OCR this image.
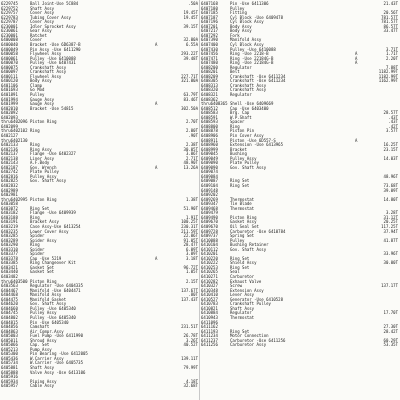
6229745	Ball Joint-Use 5C884	.50A
6229752	Shaft Assy
6229757	Cover Assy	19.45T
6229783	Tubing Cover Assy	19.45T
6229787	Cover Assy
6230001	Idler Sprocket Assy	39.15T
6230061	Gear Assy
6230001	Ratchet
6400008	Cover	32.00A
6400040	Bracket -Use 6D6387-B	A	6.55A
6400049	Pin Assy -Use 6411290
6400058	Flywheel Assy	293.22T
6400061	Pulley -Use 6410088	39.48T
6400070	Pulley -Use 6407431
6400075	Crankshaft Assy
6400097	Crankshaft Assy
6400111	Flywheel Assy	227.71T
6400120	Body Assy	321.00A
6401106	Clamp
6401693	Go Mod
6401891	Pulley	63.79T
6401994	Gauge Assy	83.46T
6401999	Gauge Assy	A
6402010	Bracket -Use 54815	302.50A
6402092
6402093
thru6402096 Piston Ring	2.70T
6402099
thru6402102 Ring	2.00T
6402127	.90T
thru6402130
6402133	Ring	2.38T
6402136	Ring Assy	30.05T
6402137	Flange -Use 6402327	3.06T
6402138	Liner Assy	2.71T
6402143	A.F.Body	48.90T
6402187	Gov. Wrench	A	13.26A
6402742	Plate Pulley
6402816	Pulley Assy
6402825	Gov. Shaft Assy
6402832
6402989
6402981
thru6402995 Piston Ring	1.38T
6403058
6403072	Ring Set	51.90T
6403182	Flange -Use 6409939
6403188	Ring	1.91T
6403191	Bracket Assy	100.25T
6403219	Case Assy-Use 6413254	230.31T
6403235	Lower Cover Assy	211.59T
6403285	Spider	22.06T
6403289	Spider Assy	91.05T
6403290	Ring	28.47T
6403310	Spider	6.09T
6403377	Spider	3.09T
6403378	Cap -Use 5219	A	3.18T
6403385	Ring Changeover Kit
6403421	Gasket Set	96.72T
6403440	Gasket Set	1.05T
6403482
thru6403500 Piston Ring	2.15T
6403563	Regulator -Use 6404335
6404467	Manifold -Use 6404471	137.67T
6404468	Manifold Assy	.80T
6404475	Manifold Gasket	137.43T
6404620	Gov. Shaft Assy
6404660	Pulley -Use 6405340
6404745	Pulley Assy
6404802	Pulley -Use 6405340
6404815	Pin -Use 6405340
6404856	Camshaft	231.51T
6404863	Air Compr.Assy
6405003	Fuel Pump -Use 6411990	26.78T
6405011	Shroud Assy	3.26T
6405066	Cap. Set	40.52T
6405213	Pump Assy
6405300	Pin Bearing -Use 6412005
6405436	W.Carrier Assy	139.11T
6405734	W.Carrier -Use 6405735
6405881	Shaft Assy	79.99T
6405888	Valve Assy -Use 6413106
6405916
6405934	Piping Assy	4.18T
6405957	Cable Assy	32.68T
6407168	Pin -Use 6411306	21.43T
6407180	Pulley
6407185	Fitting	20.56T
6407187	Cyl Block -Use 6409478	781.57T
6407196	Cyl Block Assy	781.57T
6407201	Body Assy	86.57T
6407217	Body Assy	33.47T
6407292	Fork
6407390	Manifold Assy
6407400	Cyl Block Assy
6407430	Pulley -Use 6410088	3.71T
6407456	Ring -Use 2218-B	A	1.71T
6407471	Ring -Use 22184G-B	A	2.20T
6407480	Ring -Use 22184G-B	A
6408200	Regulator	7.88T
6408201	Belt	1182.99T
6408209	Crankshaft -Use 6411234	1182.99T
6408305	Crankshaft -Use 6411234	1162.99T
6408313	Crankshaft Assy
6408320	Crankshaft Assy
6408321	Regulator
6408362
thru6408365 Shell -Use 6409669
6408512	Cap -Use 6403400
6408583	Brg. Cap	28.57T
6408591	W.P.Shaft	.43T
6408593	Spacer	.43T
6408800	Ring	.42T
6408878	Piston Pin	3.57T
6408906	Pin Cover Assy
6408911	Piston -Use 6D557-S	A
6408960	Extension -Use 6413965	16.25T
6408999	Bracket	23.15T
6409045	Bushing
6409049	Pulley Assy	14.03T
6409090	Plate Pulley
6409090	Gov. Shaft Assy
6409074
6409084	48.96T
6409087	Ring Set
6409104	Ring Set	73.68T
6409148	39.09T
6409202
6409269	Thermostat	14.80T
6409347	Tie Blade
6409468	Thermostat
6409479	3.28T
6409490	Piston Ring	31.12T
6409670	Gasket Assy	20.25T
6409670	Oil Seal Set	117.25T
6409728	Carburetor -Use 6410784	37.94T
6409737	Spring Set
6410088	Pulley	41.87T
6410104	Bushing Retainer
6410112	Gov. Shaft Assy
6410201	33.96T
6410220	Ring Set
6410222	Shield Assy	30.00T
6410253	Ring Set
6410265	Seal
6410271	Carburetor
6410282	Exhaust Valve
6410327	Screw	137.17T
6410348	Extension Assy
6410410	Lever Assy
6410527	Generator -Use 6410528
6410783	Crankshaft Pulley
6410821	Shaft Assy
6410884	Regulator	17.70T
6410943	Thermostat
6411096
6411162	27.30T
6411193	Ring Set	28.42T
6411234	Motor Connection
6411237	Carburetor -Use 6411256	60.29T
6411256	Carburetor Assy	53.35T
